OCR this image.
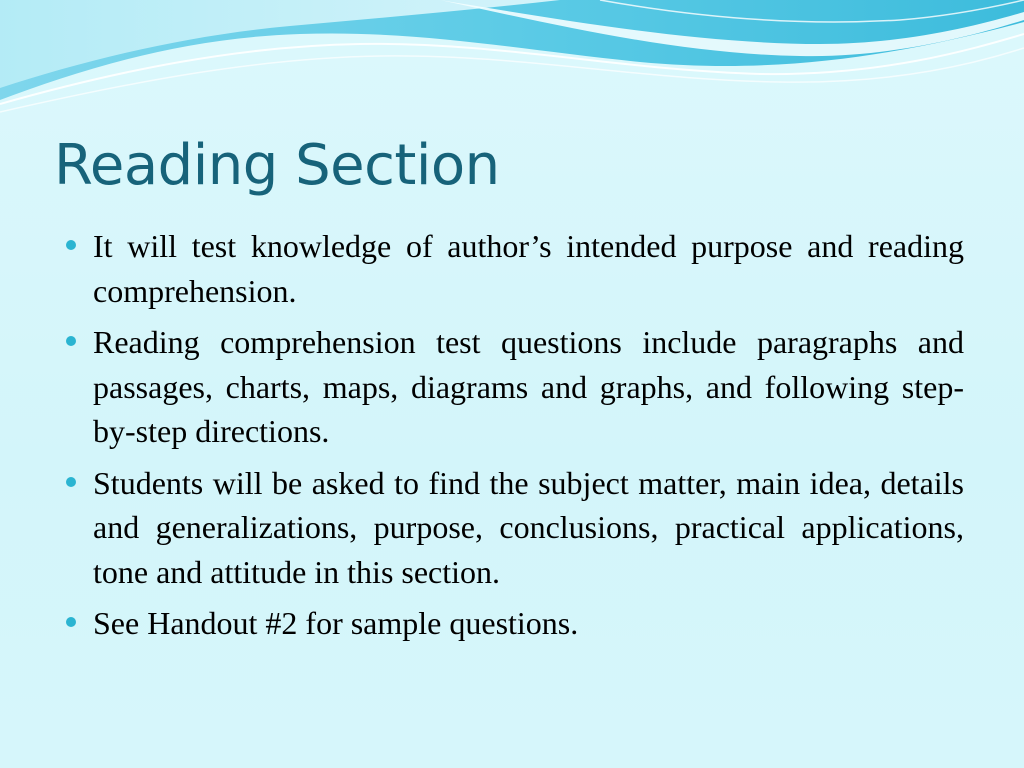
Reading Section
It will test knowledge of author’s intended purpose and reading comprehension.
Reading comprehension test questions include paragraphs and passages, charts, maps, diagrams and graphs, and following step-by-step directions.
Students will be asked to find the subject matter, main idea, details and generalizations, purpose, conclusions, practical applications, tone and attitude in this section.
See Handout #2 for sample questions.
